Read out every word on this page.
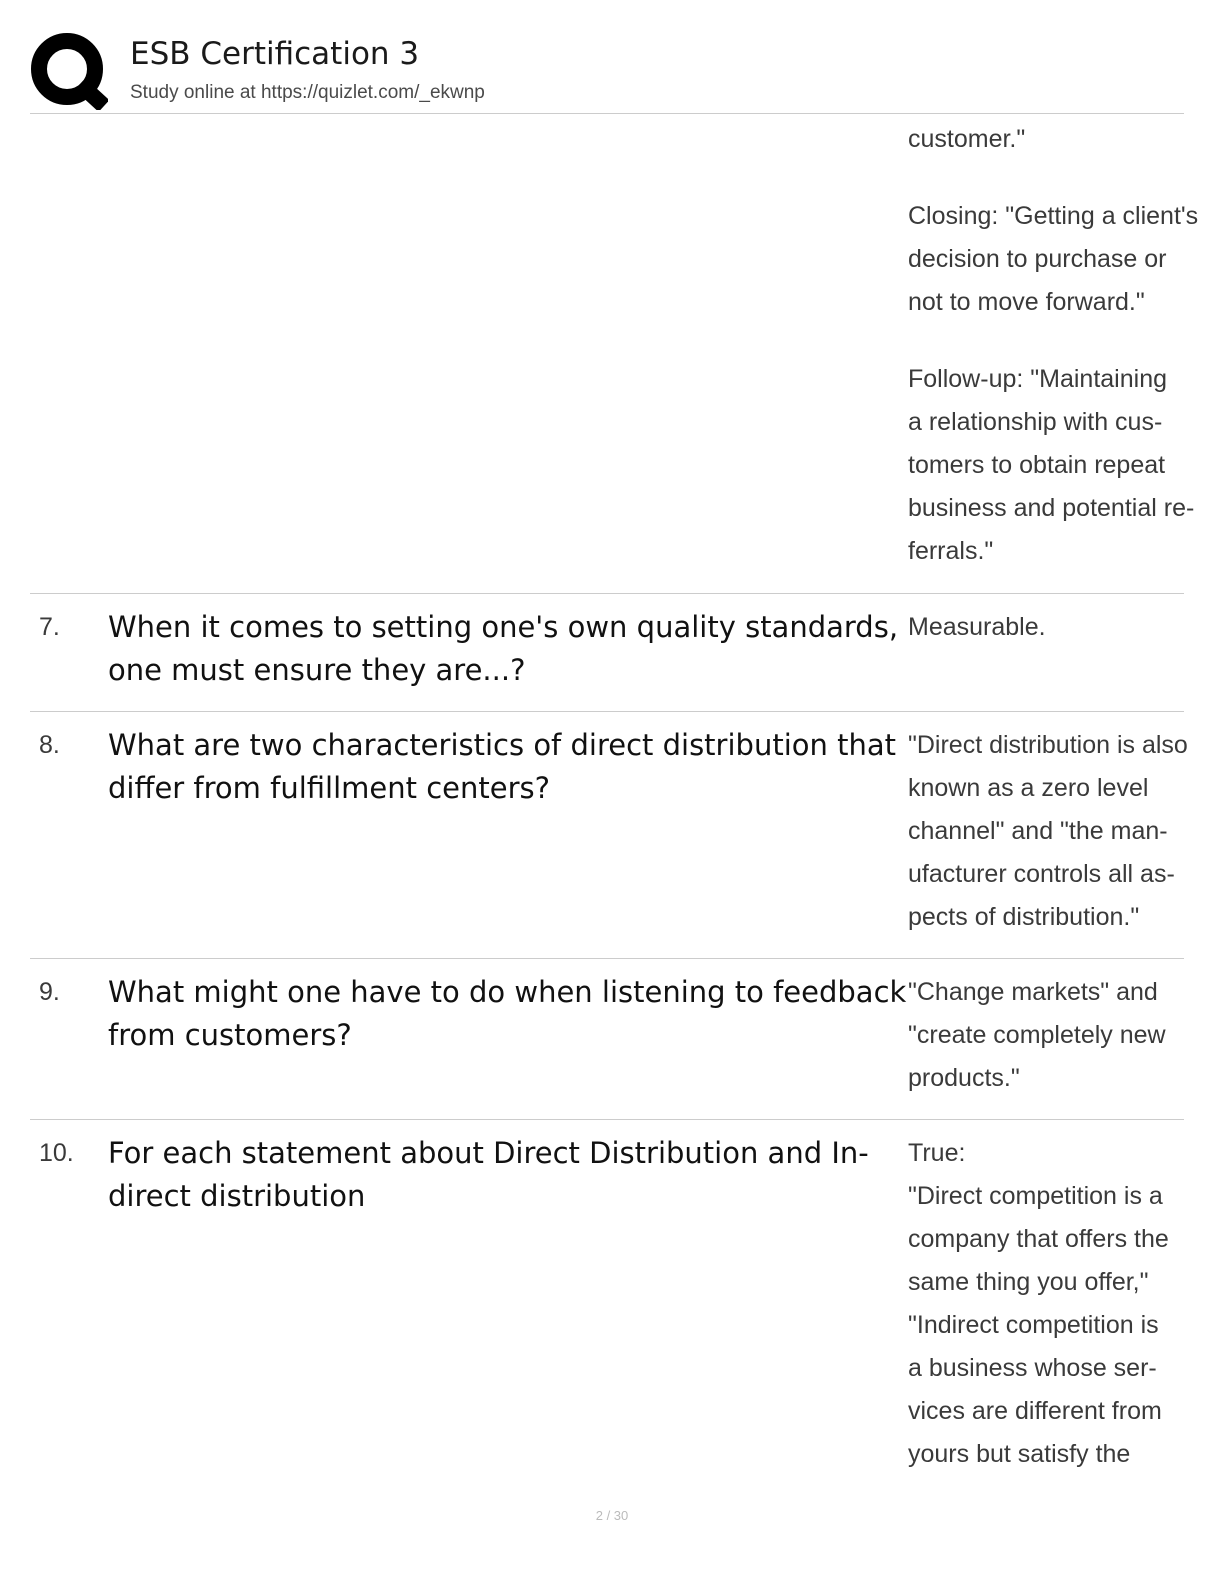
ESB Certification 3
Study online at https://quizlet.com/_ekwnp
customer."
Closing: "Getting a client's
decision to purchase or
not to move forward."
Follow-up: "Maintaining
a relationship with cus-
tomers to obtain repeat
business and potential re-
ferrals."
7. When it comes to setting one's own quality standards, one must ensure they are...?

Measurable.
8. What are two characteristics of direct distribution that differ from fulfillment centers?

"Direct distribution is also
known as a zero level
channel" and "the man-
ufacturer controls all as-
pects of distribution."
9. What might one have to do when listening to feedback from customers?

"Change markets" and
"create completely new
products."
10. For each statement about Direct Distribution and In-direct distribution

True:
"Direct competition is a
company that offers the
same thing you offer,"
"Indirect competition is
a business whose ser-
vices are different from
yours but satisfy the
2 / 30
